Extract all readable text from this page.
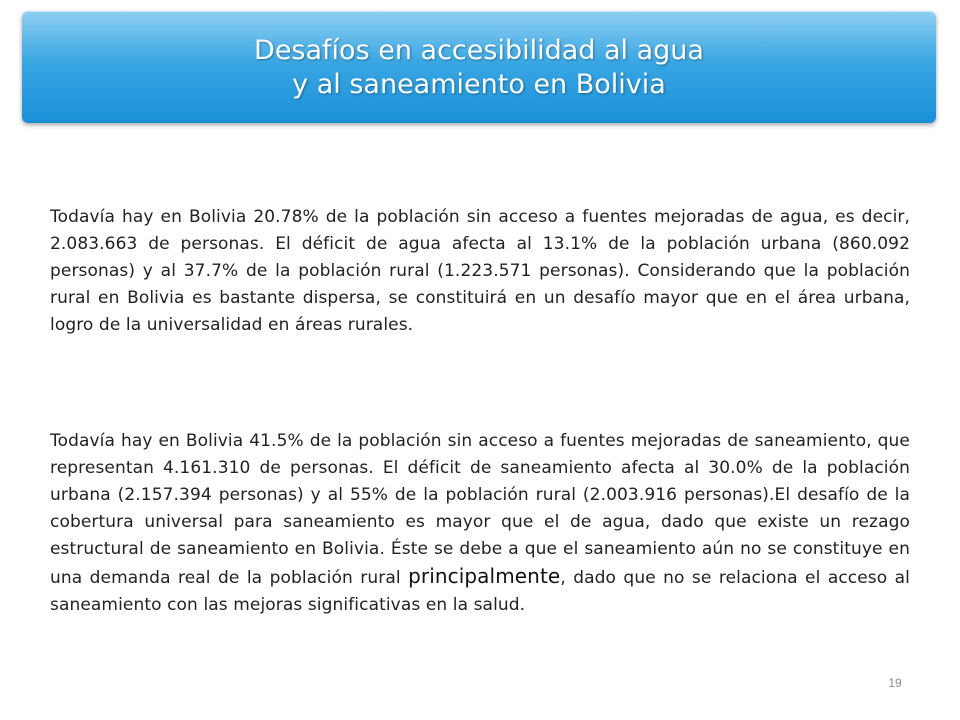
Desafíos en accesibilidad al agua
y al saneamiento en Bolivia

Todavía hay en Bolivia 20.78% de la población sin acceso a fuentes mejoradas de agua, es decir, 2.083.663 de personas. El déficit de agua afecta al 13.1% de la población urbana (860.092 personas) y al 37.7% de la población rural (1.223.571 personas). Considerando que la población rural en Bolivia es bastante dispersa, se constituirá en un desafío mayor que en el área urbana, logro de la universalidad en áreas rurales.

Todavía hay en Bolivia 41.5% de la población sin acceso a fuentes mejoradas de saneamiento, que representan 4.161.310 de personas. El déficit de saneamiento afecta al 30.0% de la población urbana (2.157.394 personas) y al 55% de la población rural (2.003.916 personas).El desafío de la cobertura universal para saneamiento es mayor que el de agua, dado que existe un rezago estructural de saneamiento en Bolivia. Éste se debe a que el saneamiento aún no se constituye en una demanda real de la población rural principalmente, dado que no se relaciona el acceso al saneamiento con las mejoras significativas en la salud.

19
